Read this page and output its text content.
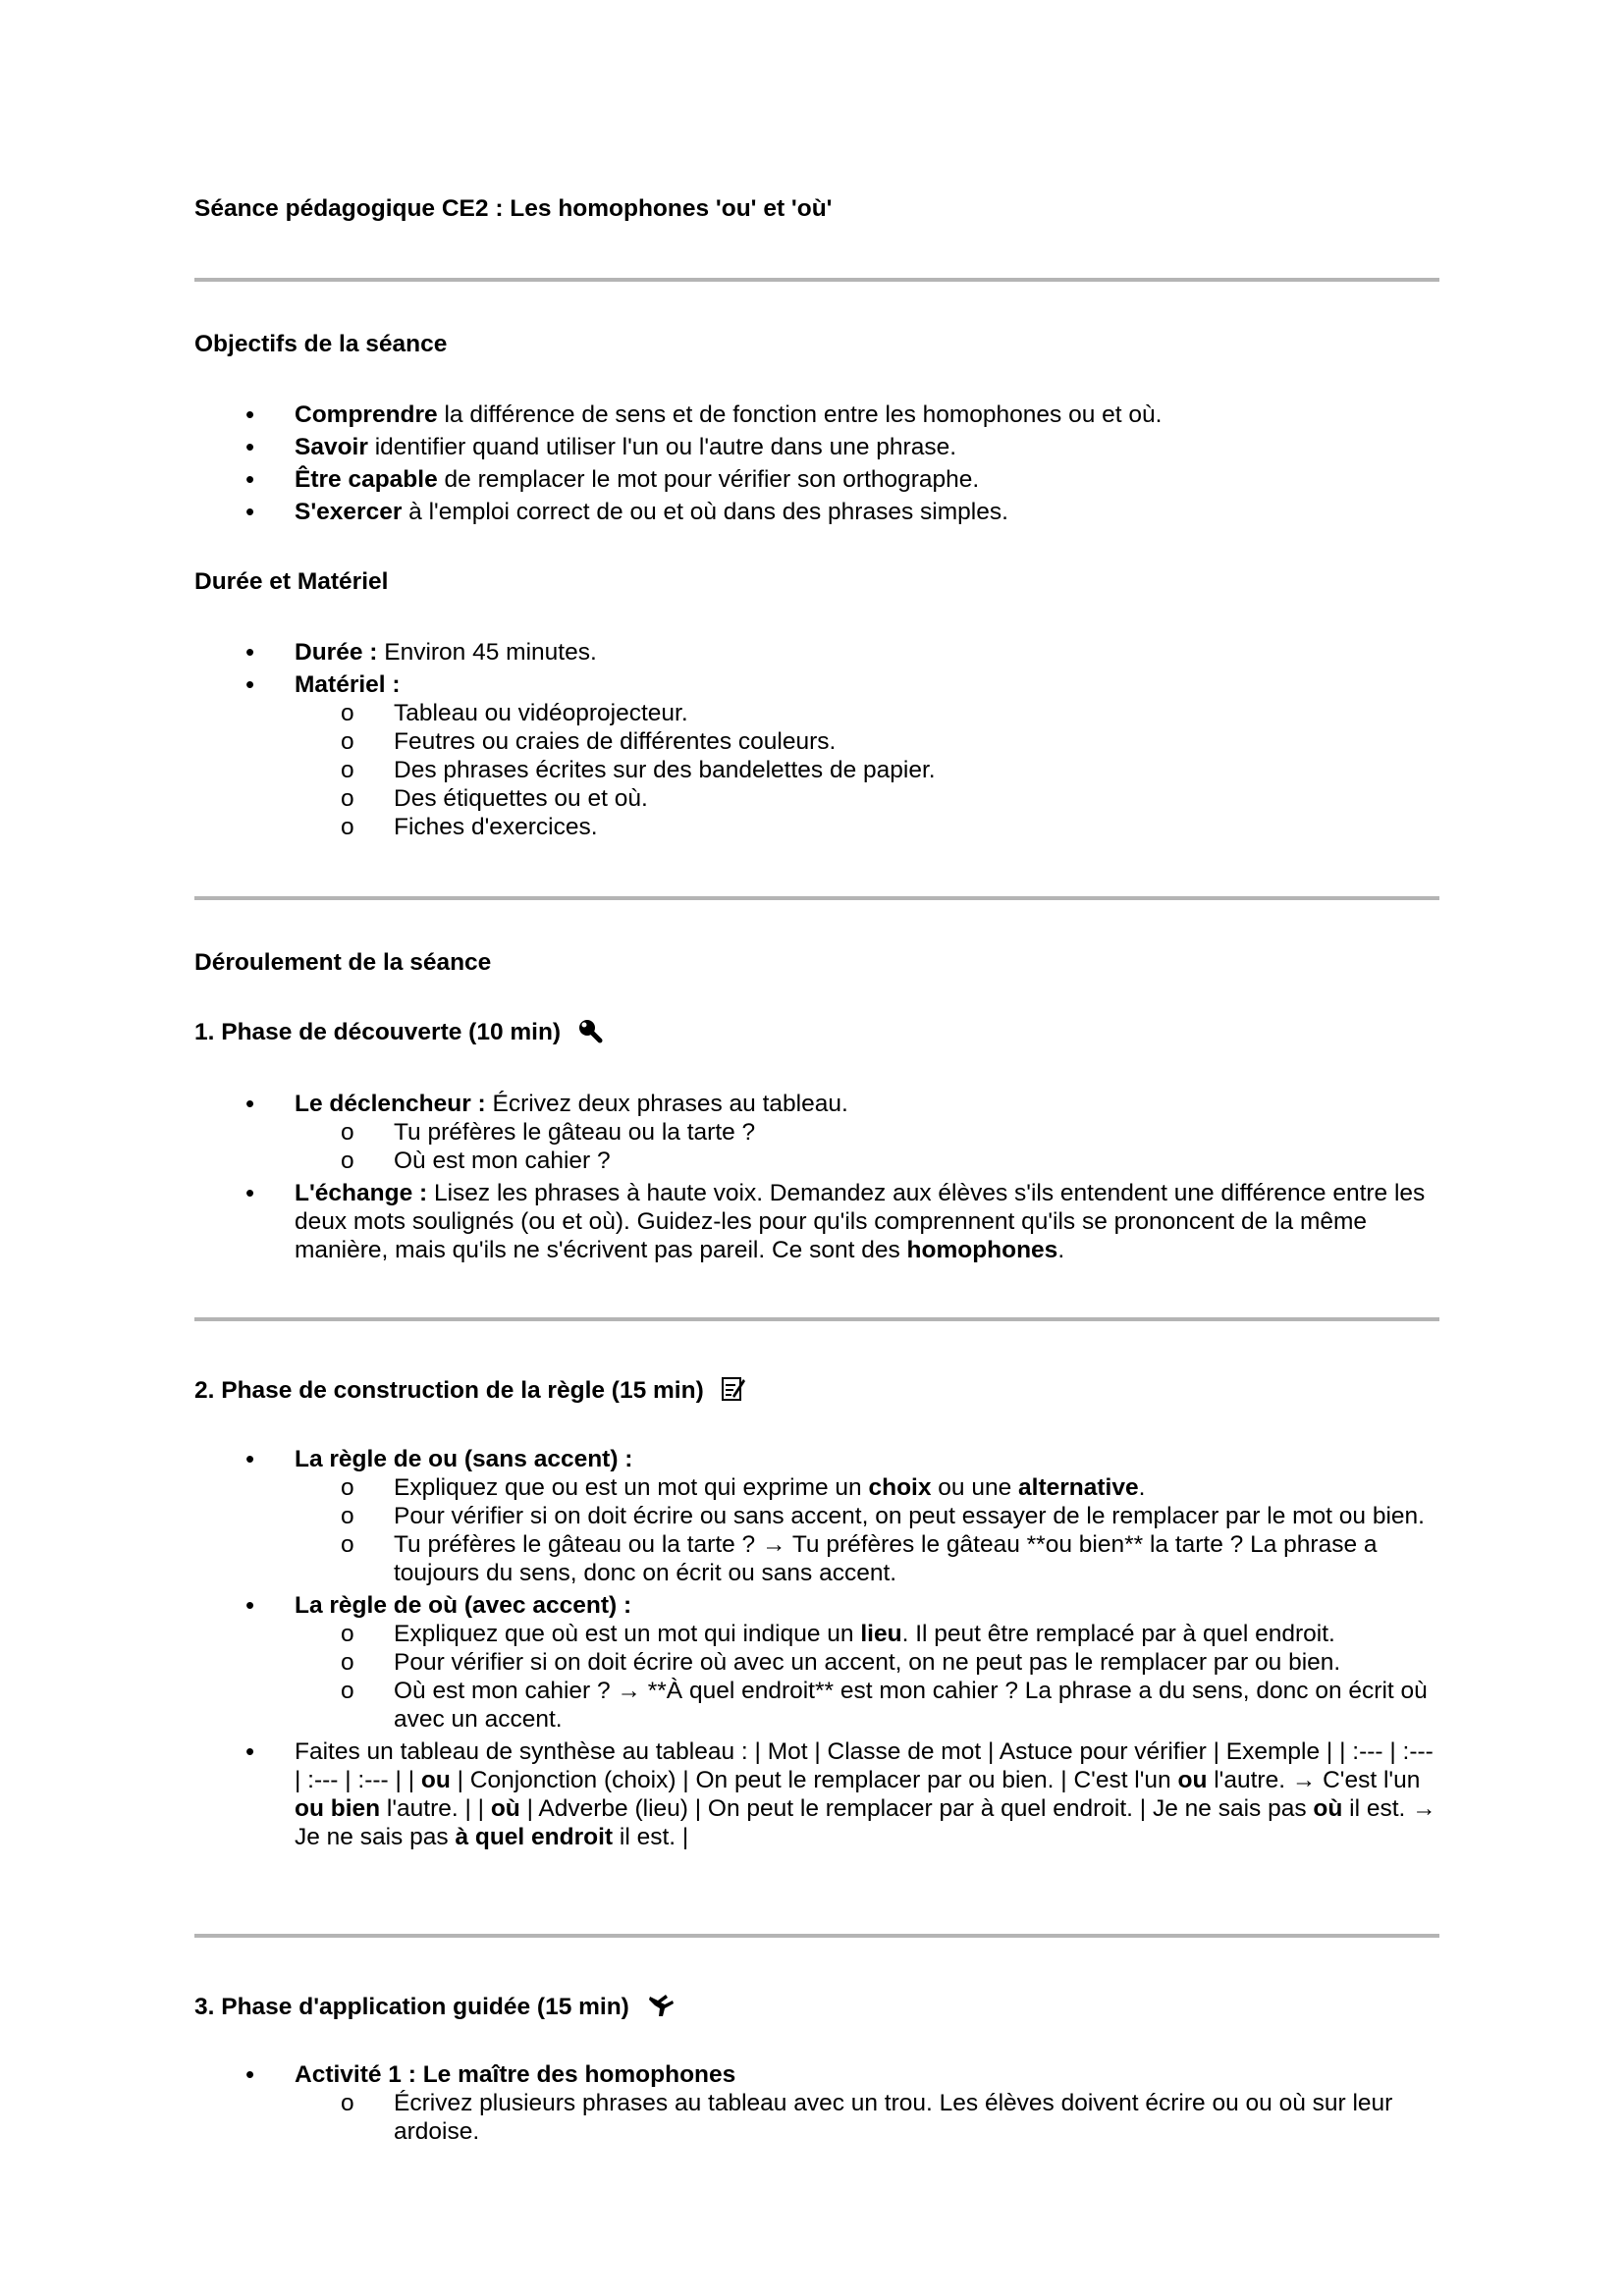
Séance pédagogique CE2 : Les homophones 'ou' et 'où'

Objectifs de la séance

• Comprendre la différence de sens et de fonction entre les homophones ou et où.
• Savoir identifier quand utiliser l'un ou l'autre dans une phrase.
• Être capable de remplacer le mot pour vérifier son orthographe.
• S'exercer à l'emploi correct de ou et où dans des phrases simples.

Durée et Matériel

• Durée : Environ 45 minutes.
• Matériel :
o Tableau ou vidéoprojecteur.
o Feutres ou craies de différentes couleurs.
o Des phrases écrites sur des bandelettes de papier.
o Des étiquettes ou et où.
o Fiches d'exercices.

Déroulement de la séance

1. Phase de découverte (10 min)

• Le déclencheur : Écrivez deux phrases au tableau.
o Tu préfères le gâteau ou la tarte ?
o Où est mon cahier ?
• L'échange : Lisez les phrases à haute voix. Demandez aux élèves s'ils entendent une différence entre les deux mots soulignés (ou et où). Guidez-les pour qu'ils comprennent qu'ils se prononcent de la même manière, mais qu'ils ne s'écrivent pas pareil. Ce sont des homophones.

2. Phase de construction de la règle (15 min)

• La règle de ou (sans accent) :
o Expliquez que ou est un mot qui exprime un choix ou une alternative.
o Pour vérifier si on doit écrire ou sans accent, on peut essayer de le remplacer par le mot ou bien.
o Tu préfères le gâteau ou la tarte ? → Tu préfères le gâteau **ou bien** la tarte ? La phrase a toujours du sens, donc on écrit ou sans accent.
• La règle de où (avec accent) :
o Expliquez que où est un mot qui indique un lieu. Il peut être remplacé par à quel endroit.
o Pour vérifier si on doit écrire où avec un accent, on ne peut pas le remplacer par ou bien.
o Où est mon cahier ? → **À quel endroit** est mon cahier ? La phrase a du sens, donc on écrit où avec un accent.
• Faites un tableau de synthèse au tableau : | Mot | Classe de mot | Astuce pour vérifier | Exemple | | :--- | :--- | :--- | :--- | | ou | Conjonction (choix) | On peut le remplacer par ou bien. | C'est l'un ou l'autre. → C'est l'un ou bien l'autre. | | où | Adverbe (lieu) | On peut le remplacer par à quel endroit. | Je ne sais pas où il est. → Je ne sais pas à quel endroit il est. |

3. Phase d'application guidée (15 min)

• Activité 1 : Le maître des homophones
o Écrivez plusieurs phrases au tableau avec un trou. Les élèves doivent écrire ou ou où sur leur ardoise.
